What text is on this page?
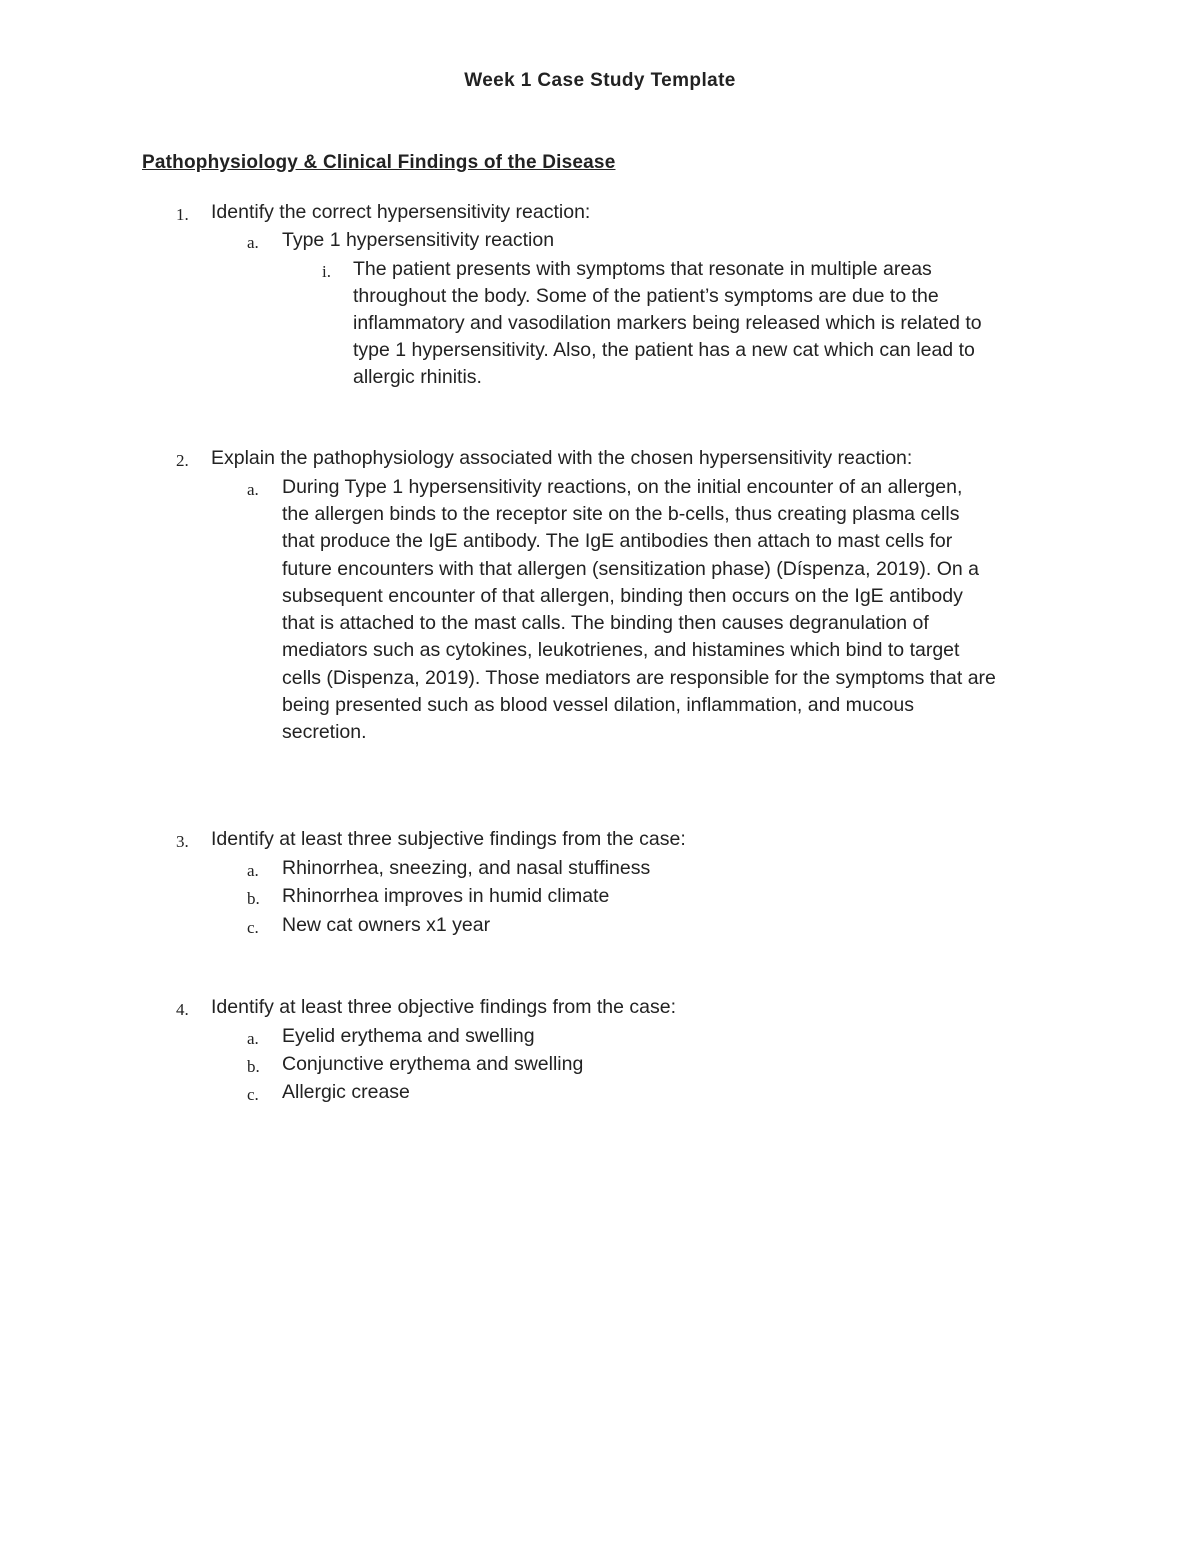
Week 1 Case Study Template
Pathophysiology & Clinical Findings of the Disease
1. Identify the correct hypersensitivity reaction:
a. Type 1 hypersensitivity reaction
i. The patient presents with symptoms that resonate in multiple areas
throughout the body. Some of the patient’s symptoms are due to the
inflammatory and vasodilation markers being released which is related to
type 1 hypersensitivity. Also, the patient has a new cat which can lead to
allergic rhinitis.
2. Explain the pathophysiology associated with the chosen hypersensitivity reaction:
a. During Type 1 hypersensitivity reactions, on the initial encounter of an allergen,
the allergen binds to the receptor site on the b-cells, thus creating plasma cells
that produce the IgE antibody. The IgE antibodies then attach to mast cells for
future encounters with that allergen (sensitization phase) (Díspenza, 2019). On a
subsequent encounter of that allergen, binding then occurs on the IgE antibody
that is attached to the mast calls. The binding then causes degranulation of
mediators such as cytokines, leukotrienes, and histamines which bind to target
cells (Dispenza, 2019). Those mediators are responsible for the symptoms that are
being presented such as blood vessel dilation, inflammation, and mucous
secretion.
3. Identify at least three subjective findings from the case:
a. Rhinorrhea, sneezing, and nasal stuffiness
b. Rhinorrhea improves in humid climate
c. New cat owners x1 year
4. Identify at least three objective findings from the case:
a. Eyelid erythema and swelling
b. Conjunctive erythema and swelling
c. Allergic crease
